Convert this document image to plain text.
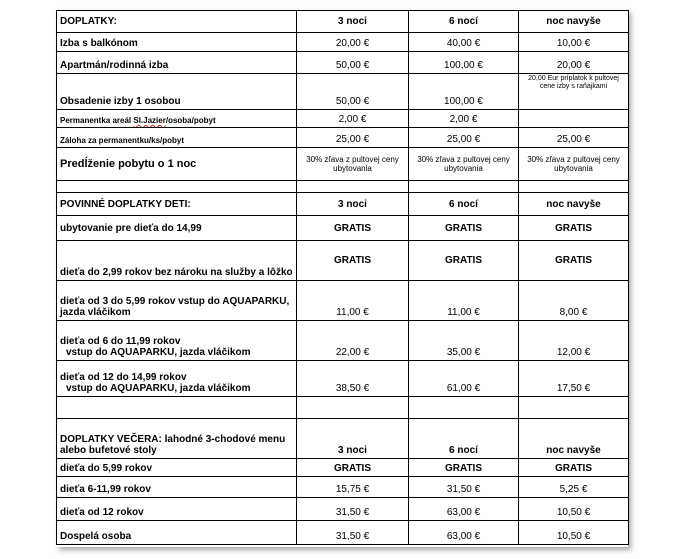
DOPLATKY:	3 noci	6 nocí	noc navyše
Izba s balkónom	20,00 €	40,00 €	10,00 €
Apartmán/rodinná izba	50,00 €	100,00 €	20,00 €
Obsadenie izby 1 osobou	50,00 €	100,00 €	20,00 Eur príplatok k pultovej cene izby s raňajkami
Permanentka areál Sl.Jazier/osoba/pobyt	2,00 €	2,00 €	
Záloha za permanentku/ks/pobyt	25,00 €	25,00 €	25,00 €
Predĺženie pobytu o 1 noc	30% zľava z pultovej ceny ubytovania	30% zľava z pultovej ceny ubytovania	30% zľava z pultovej ceny ubytovania

POVINNÉ DOPLATKY DETI:	3 noci	6 nocí	noc navyše
ubytovanie pre dieťa do 14,99	GRATIS	GRATIS	GRATIS
dieťa do 2,99 rokov bez nároku na služby a lôžko	GRATIS	GRATIS	GRATIS
dieťa od 3 do 5,99 rokov vstup do AQUAPARKU, jazda vláčikom	11,00 €	11,00 €	8,00 €

dieťa od 6 do 11,99 rokov
vstup do AQUAPARKU, jazda vláčikom	22,00 €	35,00 €	12,00 €

dieťa od 12 do 14,99 rokov
vstup do AQUAPARKU, jazda vláčikom	38,50 €	61,00 €	17,50 €

DOPLATKY VEČERA: lahodné 3-chodové menu alebo bufetové stoly	3 noci	6 nocí	noc navyše
dieťa do 5,99 rokov	GRATIS	GRATIS	GRATIS
dieťa 6-11,99 rokov	15,75 €	31,50 €	5,25 €
dieťa od 12 rokov	31,50 €	63,00 €	10,50 €
Dospelá osoba	31,50 €	63,00 €	10,50 €
